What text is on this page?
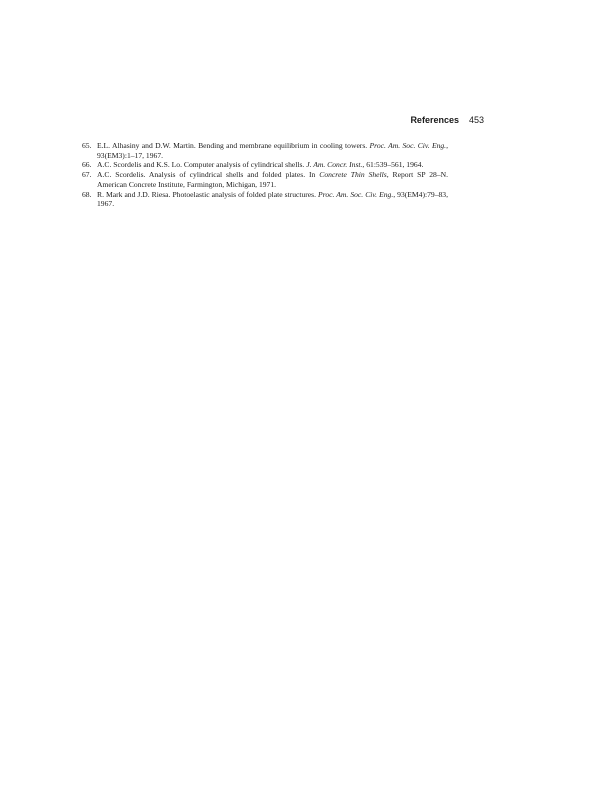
References 453
65. E.L. Alhasiny and D.W. Martin. Bending and membrane equilibrium in cooling towers. Proc. Am. Soc. Civ. Eng., 93(EM3):1–17, 1967.
66. A.C. Scordelis and K.S. Lo. Computer analysis of cylindrical shells. J. Am. Concr. Inst., 61:539–561, 1964.
67. A.C. Scordelis. Analysis of cylindrical shells and folded plates. In Concrete Thin Shells, Report SP 28–N. American Concrete Institute, Farmington, Michigan, 1971.
68. R. Mark and J.D. Riesa. Photoelastic analysis of folded plate structures. Proc. Am. Soc. Civ. Eng., 93(EM4):79–83, 1967.
